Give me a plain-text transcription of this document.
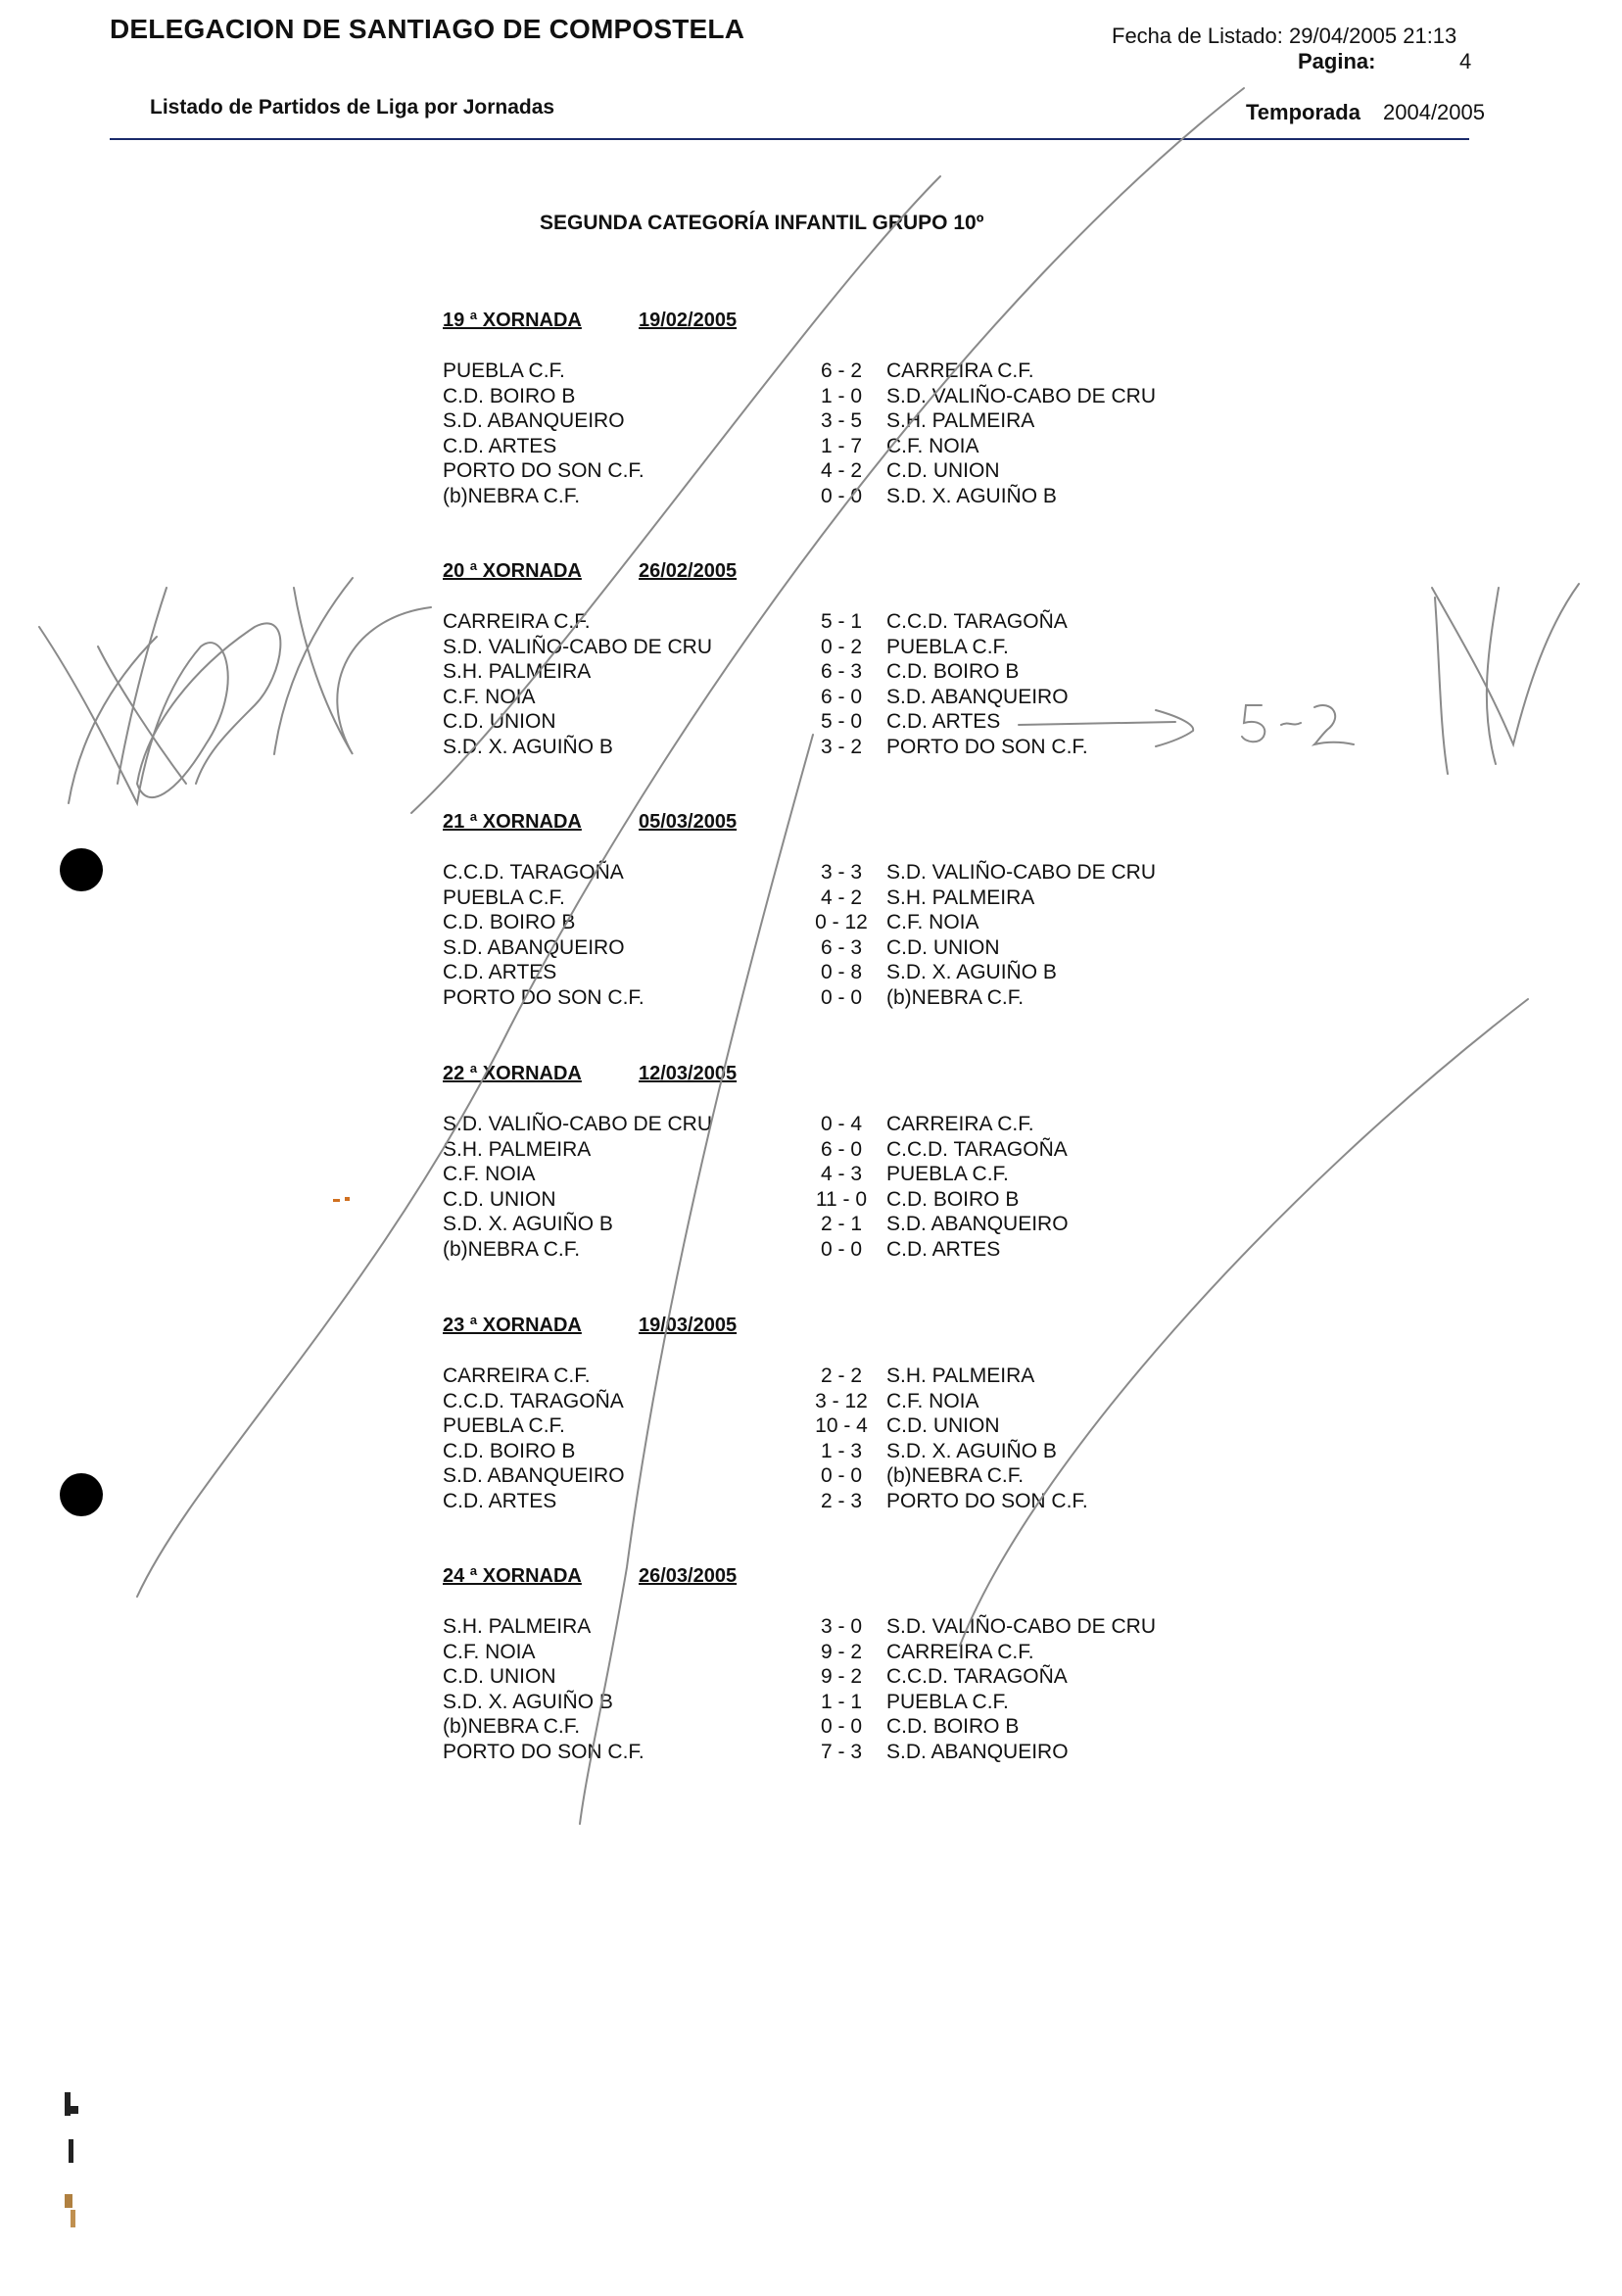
DELEGACION DE SANTIAGO DE COMPOSTELA	Fecha de Listado: 29/04/2005 21:13
Pagina:	4
Listado de Partidos de Liga por Jornadas	Temporada 2004/2005
SEGUNDA CATEGORÍA INFANTIL GRUPO 10º
19 ª XORNADA	19/02/2005
PUEBLA C.F.	6 - 2	CARREIRA C.F.
C.D. BOIRO B	1 - 0	S.D. VALIÑO-CABO DE CRU
S.D. ABANQUEIRO	3 - 5	S.H. PALMEIRA
C.D. ARTES	1 - 7	C.F. NOIA
PORTO DO SON C.F.	4 - 2	C.D. UNION
(b)NEBRA C.F.	0 - 0	S.D. X. AGUIÑO B
20 ª XORNADA	26/02/2005
CARREIRA C.F.	5 - 1	C.C.D. TARAGOÑA
S.D. VALIÑO-CABO DE CRU	0 - 2	PUEBLA C.F.
S.H. PALMEIRA	6 - 3	C.D. BOIRO B
C.F. NOIA	6 - 0	S.D. ABANQUEIRO
C.D. UNION	5 - 0	C.D. ARTES
S.D. X. AGUIÑO B	3 - 2	PORTO DO SON C.F.
21 ª XORNADA	05/03/2005
C.C.D. TARAGOÑA	3 - 3	S.D. VALIÑO-CABO DE CRU
PUEBLA C.F.	4 - 2	S.H. PALMEIRA
C.D. BOIRO B	0 - 12 C.F. NOIA
S.D. ABANQUEIRO	6 - 3	C.D. UNION
C.D. ARTES	0 - 8	S.D. X. AGUIÑO B
PORTO DO SON C.F.	0 - 0	(b)NEBRA C.F.
22 ª XORNADA	12/03/2005
S.D. VALIÑO-CABO DE CRU	0 - 4	CARREIRA C.F.
S.H. PALMEIRA	6 - 0	C.C.D. TARAGOÑA
C.F. NOIA	4 - 3	PUEBLA C.F.
C.D. UNION	11 - 0 C.D. BOIRO B
S.D. X. AGUIÑO B	2 - 1	S.D. ABANQUEIRO
(b)NEBRA C.F.	0 - 0	C.D. ARTES
23 ª XORNADA	19/03/2005
CARREIRA C.F.	2 - 2	S.H. PALMEIRA
C.C.D. TARAGOÑA	3 - 12 C.F. NOIA
PUEBLA C.F.	10 - 4 C.D. UNION
C.D. BOIRO B	1 - 3	S.D. X. AGUIÑO B
S.D. ABANQUEIRO	0 - 0	(b)NEBRA C.F.
C.D. ARTES	2 - 3	PORTO DO SON C.F.
24 ª XORNADA	26/03/2005
S.H. PALMEIRA	3 - 0	S.D. VALIÑO-CABO DE CRU
C.F. NOIA	9 - 2	CARREIRA C.F.
C.D. UNION	9 - 2	C.C.D. TARAGOÑA
S.D. X. AGUIÑO B	1 - 1	PUEBLA C.F.
(b)NEBRA C.F.	0 - 0	C.D. BOIRO B
PORTO DO SON C.F.	7 - 3	S.D. ABANQUEIRO
5-2
